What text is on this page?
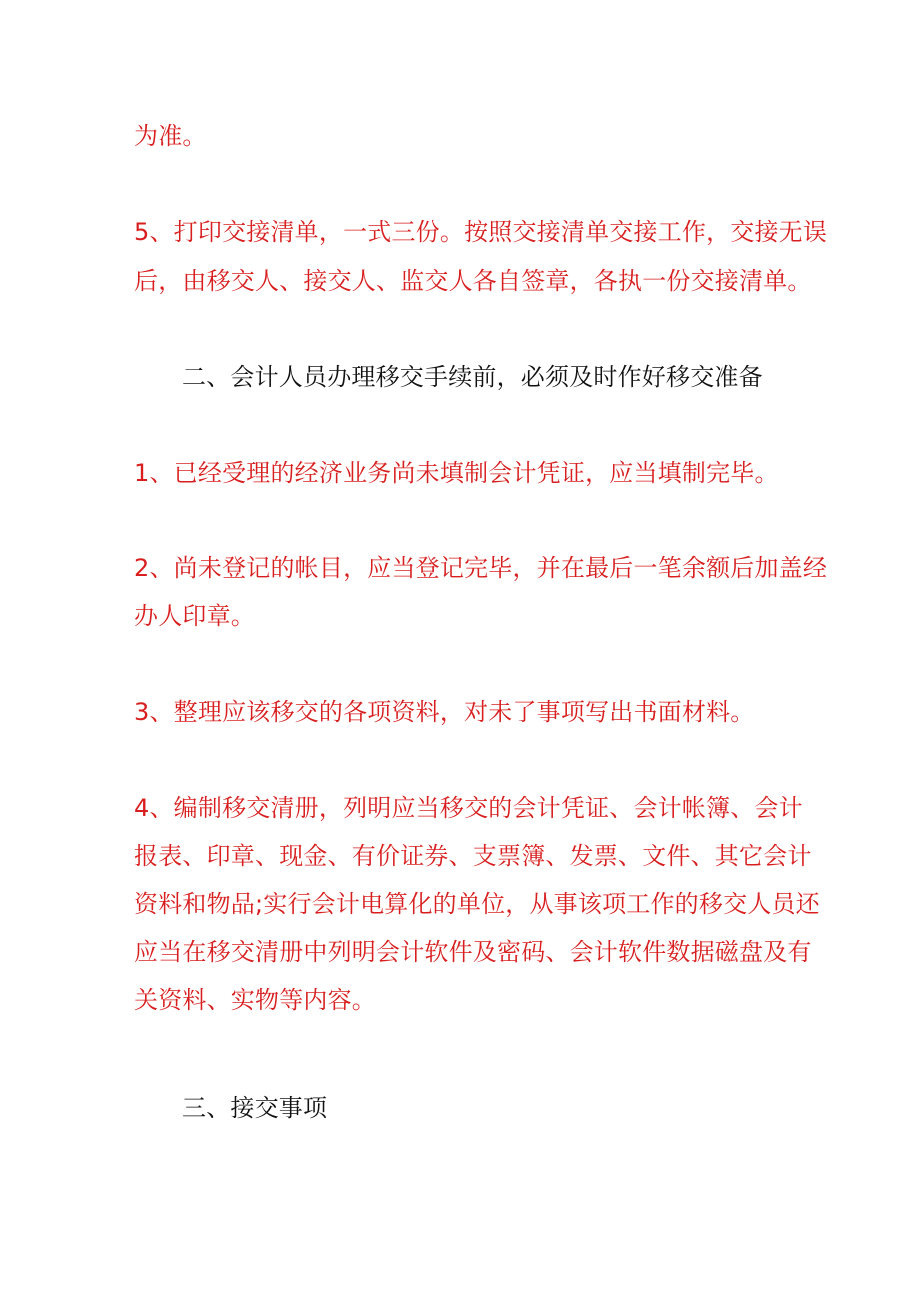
为准。
5、打印交接清单，一式三份。按照交接清单交接工作，交接无误
后，由移交人、接交人、监交人各自签章，各执一份交接清单。
二、会计人员办理移交手续前，必须及时作好移交准备
1、已经受理的经济业务尚未填制会计凭证，应当填制完毕。
2、尚未登记的帐目，应当登记完毕，并在最后一笔余额后加盖经
办人印章。
3、整理应该移交的各项资料，对未了事项写出书面材料。
4、编制移交清册，列明应当移交的会计凭证、会计帐簿、会计
报表、印章、现金、有价证券、支票簿、发票、文件、其它会计
资料和物品;实行会计电算化的单位，从事该项工作的移交人员还
应当在移交清册中列明会计软件及密码、会计软件数据磁盘及有
关资料、实物等内容。
三、接交事项
